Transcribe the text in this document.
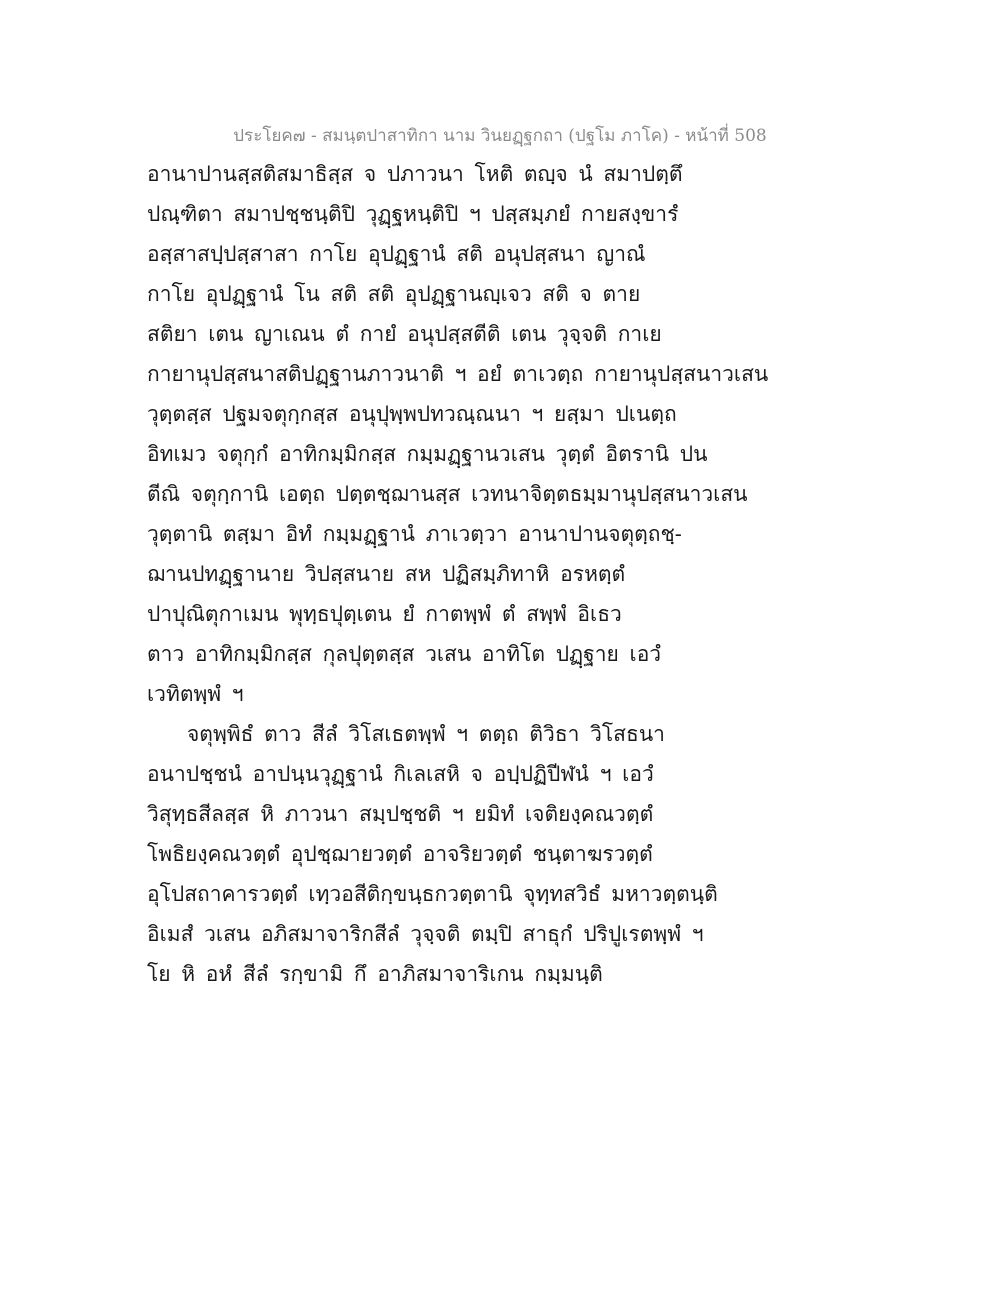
ประโยค๗ - สมนฺตปาสาทิกา นาม วินยฏฺฐกถา (ปฐโม ภาโค) - หน้าที่ 508
อานาปานสฺสติสมาธิสฺส จ ปภาวนา โหติ ตญฺจ นํ สมาปตฺตึ
ปณฺฑิตา สมาปชฺชนฺติปิ วุฏฺฐหนฺติปิ ฯ ปสฺสมฺภยํ กายสงฺขารํ
อสฺสาสปฺปสฺสาสา กาโย อุปฏฺฐานํ สติ อนุปสฺสนา ญาณํ
กาโย อุปฏฺฐานํ โน สติ สติ อุปฏฺฐานญฺเจว สติ จ ตาย
สติยา เตน ญาเณน ตํ กายํ อนุปสฺสตีติ เตน วุจฺจติ กาเย
กายานุปสฺสนาสติปฏฺฐานภาวนาติ ฯ อยํ ตาเวตฺถ กายานุปสฺสนาวเสน
วุตฺตสฺส ปฐมจตุกฺกสฺส อนุปุพฺพปทวณฺณนา ฯ ยสฺมา ปเนตฺถ
อิทเมว จตุกฺกํ อาทิกมฺมิกสฺส กมฺมฏฺฐานวเสน วุตฺตํ อิตรานิ ปน
ตีณิ จตุกฺกานิ เอตฺถ ปตฺตชฺฌานสฺส เวทนาจิตฺตธมฺมานุปสฺสนาวเสน
วุตฺตานิ ตสฺมา อิทํ กมฺมฏฺฐานํ ภาเวตฺวา อานาปานจตุตฺถชฺ-
ฌานปทฏฺฐานาย วิปสฺสนาย สห ปฏิสมฺภิทาหิ อรหตฺตํ
ปาปุณิตุกาเมน พุทฺธปุตฺเตน ยํ กาตพฺพํ ตํ สพฺพํ อิเธว
ตาว อาทิกมฺมิกสฺส กุลปุตฺตสฺส วเสน อาทิโต ปฏฺฐาย เอวํ
เวทิตพฺพํ ฯ
จตุพฺพิธํ ตาว สีลํ วิโสเธตพฺพํ ฯ ตตฺถ ติวิธา วิโสธนา
อนาปชฺชนํ อาปนฺนวุฏฺฐานํ กิเลเสหิ จ อปฺปฏิปีฬนํ ฯ เอวํ
วิสุทฺธสีลสฺส หิ ภาวนา สมฺปชฺชติ ฯ ยมิทํ เจติยงฺคณวตฺตํ
โพธิยงฺคณวตฺตํ อุปชฺฌายวตฺตํ อาจริยวตฺตํ ชนฺตาฆรวตฺตํ
อุโปสถาคารวตฺตํ เทฺวอสีติกฺขนฺธกวตฺตานิ จุทฺทสวิธํ มหาวตฺตนฺติ
อิเมสํ วเสน อภิสมาจาริกสีลํ วุจฺจติ ตมฺปิ สาธุกํ ปริปูเรตพฺพํ ฯ
โย หิ อหํ สีลํ รกฺขามิ กึ อาภิสมาจาริเกน กมฺมนฺติ
